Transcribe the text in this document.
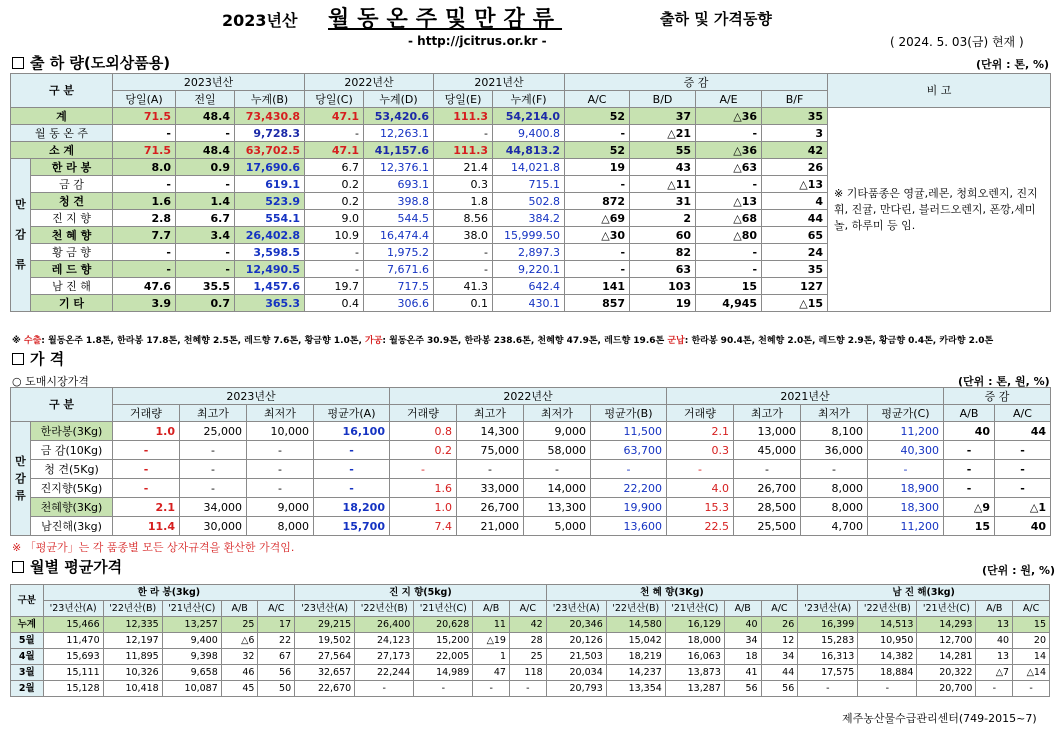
2023년산 월동온주및만감류	출하 및 가격동향
- http://jcitrus.or.kr -	( 2024. 5. 03(금) 현재 )
출 하 량(도외상품용)	(단위 : 톤, %)
구 분		2023년산			2022년산		2021년산		증 감				비 고
		당일(A)	전일	누계(B)	당일(C)	누계(D)	당일(E)	누계(F)	A/C	B/D	A/E	B/F	
계		71.5	48.4	73,430.8	47.1	53,420.6	111.3	54,214.0	52	37	△36	35	※ 기타품종은 영귤,레몬, 청희오렌지, 진지휘, 진귤, 만다린, 블러드오렌지, 폰깡,세미놀, 하루미 등 임.
월 동 온 주		-	-	9,728.3	-	12,263.1	-	9,400.8	-	△21	-	3	
소 계		71.5	48.4	63,702.5	47.1	41,157.6	111.3	44,813.2	52	55	△36	42	
만감류	한 라 봉	8.0	0.9	17,690.6	6.7	12,376.1	21.4	14,021.8	19	43	△63	26	
	금 감	-	-	619.1	0.2	693.1	0.3	715.1	-	△11	-	△13	
	청 견	1.6	1.4	523.9	0.2	398.8	1.8	502.8	872	31	△13	4	
	진 지 향	2.8	6.7	554.1	9.0	544.5	8.56	384.2	△69	2	△68	44	
	천 혜 향	7.7	3.4	26,402.8	10.9	16,474.4	38.0	15,999.50	△30	60	△80	65	
	황 금 향	-	-	3,598.5	-	1,975.2	-	2,897.3	-	82	-	24	
	레 드 향	-	-	12,490.5	-	7,671.6	-	9,220.1	-	63	-	35	
	남 진 해	47.6	35.5	1,457.6	19.7	717.5	41.3	642.4	141	103	15	127	
	기 타	3.9	0.7	365.3	0.4	306.6	0.1	430.1	857	19	4,945	△15	
※ 수출: 월동온주 1.8톤, 한라봉 17.8톤, 천혜향 2.5톤, 레드향 7.6톤, 황금향 1.0톤, 가공: 월동온주 30.9톤, 한라봉 238.6톤, 천혜향 47.9톤, 레드향 19.6톤 군납: 한라봉 90.4톤, 천혜향 2.0톤, 레드향 2.9톤, 황금향 0.4톤, 카라향 2.0톤
가 격
○ 도매시장가격	(단위 : 톤, 원, %)
구 분		2023년산				2022년산				2021년산				증 감	
		거래량	최고가	최저가	평균가(A)	거래량	최고가	최저가	평균가(B)	거래량	최고가	최저가	평균가(C)	A/B	A/C
만감류	한라봉(3Kg)	1.0	25,000	10,000	16,100	0.8	14,300	9,000	11,500	2.1	13,000	8,100	11,200	40	44
	금 감(10Kg)	-	-	-	-	0.2	75,000	58,000	63,700	0.3	45,000	36,000	40,300	-	-
	청 견(5Kg)	-	-	-	-	-	-	-	-	-	-	-	-	-	-
	진지향(5Kg)	-	-	-	-	1.6	33,000	14,000	22,200	4.0	26,700	8,000	18,900	-	-
	천혜향(3Kg)	2.1	34,000	9,000	18,200	1.0	26,700	13,300	19,900	15.3	28,500	8,000	18,300	△9	△1
	남진해(3kg)	11.4	30,000	8,000	15,700	7.4	21,000	5,000	13,600	22.5	25,500	4,700	11,200	15	40
※ 「평균가」는 각 품종별 모든 상자규격을 환산한 가격임.
월별 평균가격	(단위 : 원, %)
구분	한 라 봉(3kg)					진 지 향(5kg)					천 혜 향(3Kg)					남 진 해(3kg)				
	'23년산(A)	'22년산(B)	'21년산(C)	A/B	A/C	'23년산(A)	'22년산(B)	'21년산(C)	A/B	A/C	'23년산(A)	'22년산(B)	'21년산(C)	A/B	A/C	'23년산(A)	'22년산(B)	'21년산(C)	A/B	A/C
누계	15,466	12,335	13,257	25	17	29,215	26,400	20,628	11	42	20,346	14,580	16,129	40	26	16,399	14,513	14,293	13	15
5월	11,470	12,197	9,400	△6	22	19,502	24,123	15,200	△19	28	20,126	15,042	18,000	34	12	15,283	10,950	12,700	40	20
4월	15,693	11,895	9,398	32	67	27,564	27,173	22,005	1	25	21,503	18,219	16,063	18	34	16,313	14,382	14,281	13	14
3월	15,111	10,326	9,658	46	56	32,657	22,244	14,989	47	118	20,034	14,237	13,873	41	44	17,575	18,884	20,322	△7	△14
2월	15,128	10,418	10,087	45	50	22,670	-	-	-	-	20,793	13,354	13,287	56	56	-	-	20,700	-	-
제주농산물수급관리센터(749-2015~7)
